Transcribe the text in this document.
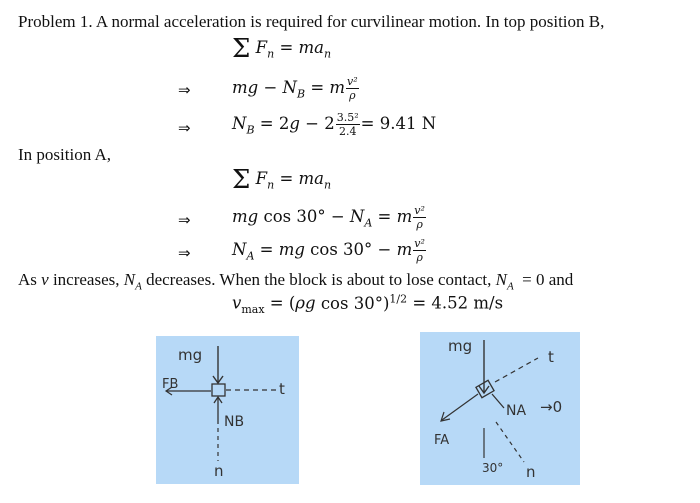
Problem 1. A normal acceleration is required for curvilinear motion. In top position B,
Σ $F_n = ma_n$
⇒	mg − $N_B = m \frac{\text{v²}}{\rho}$
⇒	$N_B = 2g - 2 \frac{\text{3.5²}}{2.4} = 9.41$ N
In position A,
Σ $F_n = ma_n$
⇒	mg $\cos 30^\circ - N_A = m \frac{\text{v²}}{\rho}$
⇒	$N_A$ = mg cos 30° − m $\frac{\text{v²}}{\rho}$
As v increases, $N_A$ decreases. When the block is about to lose contact, $N_A = 0$ and
$v_{max} = (\rho g$ cos 30°)$^{1/2}$ = 4.52 m/s
mg
FB	t
NB
n
mg
t
FA
NA →0
30° n
